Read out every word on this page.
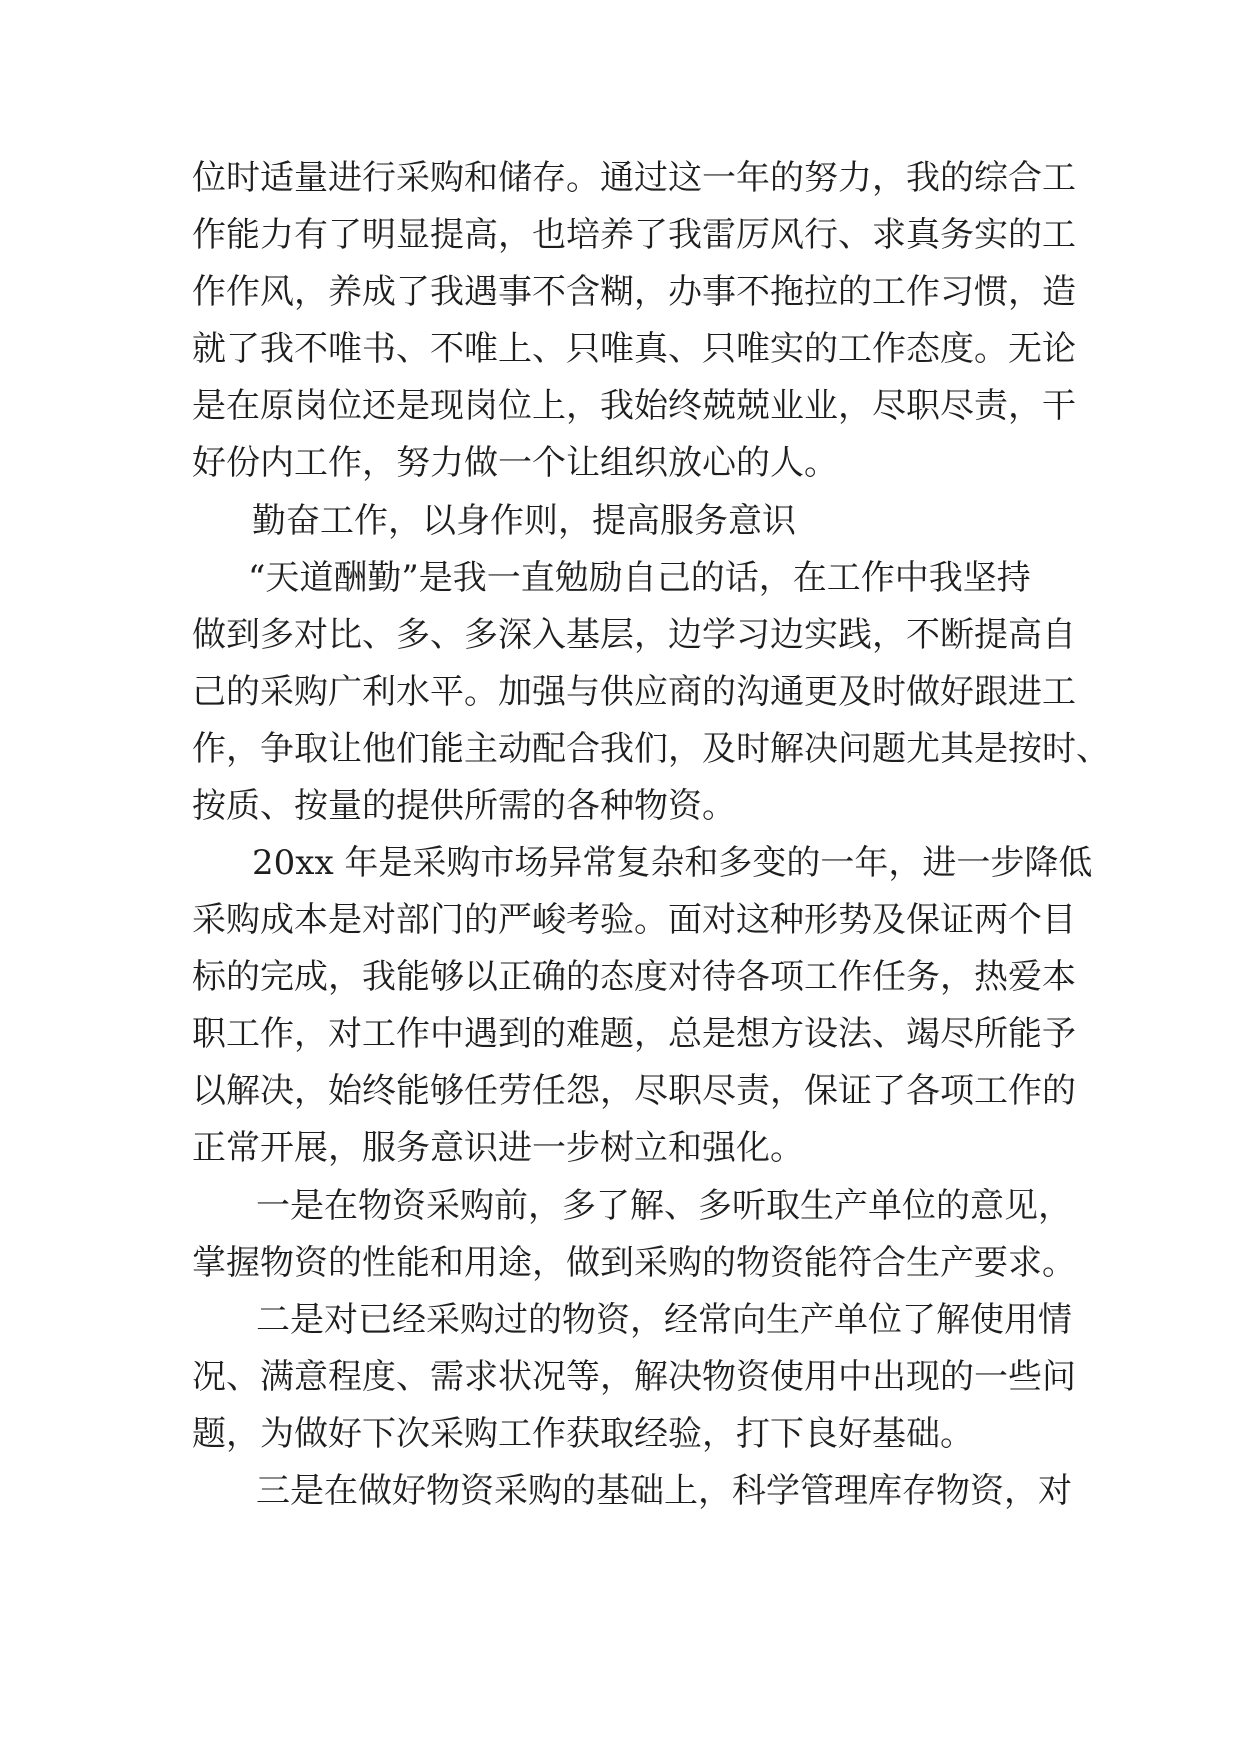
位时适量进行采购和储存。通过这一年的努力，我的综合工

作能力有了明显提高，也培养了我雷厉风行、求真务实的工

作作风，养成了我遇事不含糊，办事不拖拉的工作习惯，造

就了我不唯书、不唯上、只唯真、只唯实的工作态度。无论

是在原岗位还是现岗位上，我始终兢兢业业，尽职尽责，干

好份内工作，努力做一个让组织放心的人。

勤奋工作，以身作则，提高服务意识

“天道酬勤”是我一直勉励自己的话，在工作中我坚持

做到多对比、多、多深入基层，边学习边实践，不断提高自

己的采购广利水平。加强与供应商的沟通更及时做好跟进工

作，争取让他们能主动配合我们，及时解决问题尤其是按时、

按质、按量的提供所需的各种物资。

20xx 年是采购市场异常复杂和多变的一年，进一步降低

采购成本是对部门的严峻考验。面对这种形势及保证两个目

标的完成，我能够以正确的态度对待各项工作任务，热爱本

职工作，对工作中遇到的难题，总是想方设法、竭尽所能予

以解决，始终能够任劳任怨，尽职尽责，保证了各项工作的

正常开展，服务意识进一步树立和强化。

一是在物资采购前，多了解、多听取生产单位的意见，

掌握物资的性能和用途，做到采购的物资能符合生产要求。

二是对已经采购过的物资，经常向生产单位了解使用情

况、满意程度、需求状况等，解决物资使用中出现的一些问

题，为做好下次采购工作获取经验，打下良好基础。

三是在做好物资采购的基础上，科学管理库存物资，对
